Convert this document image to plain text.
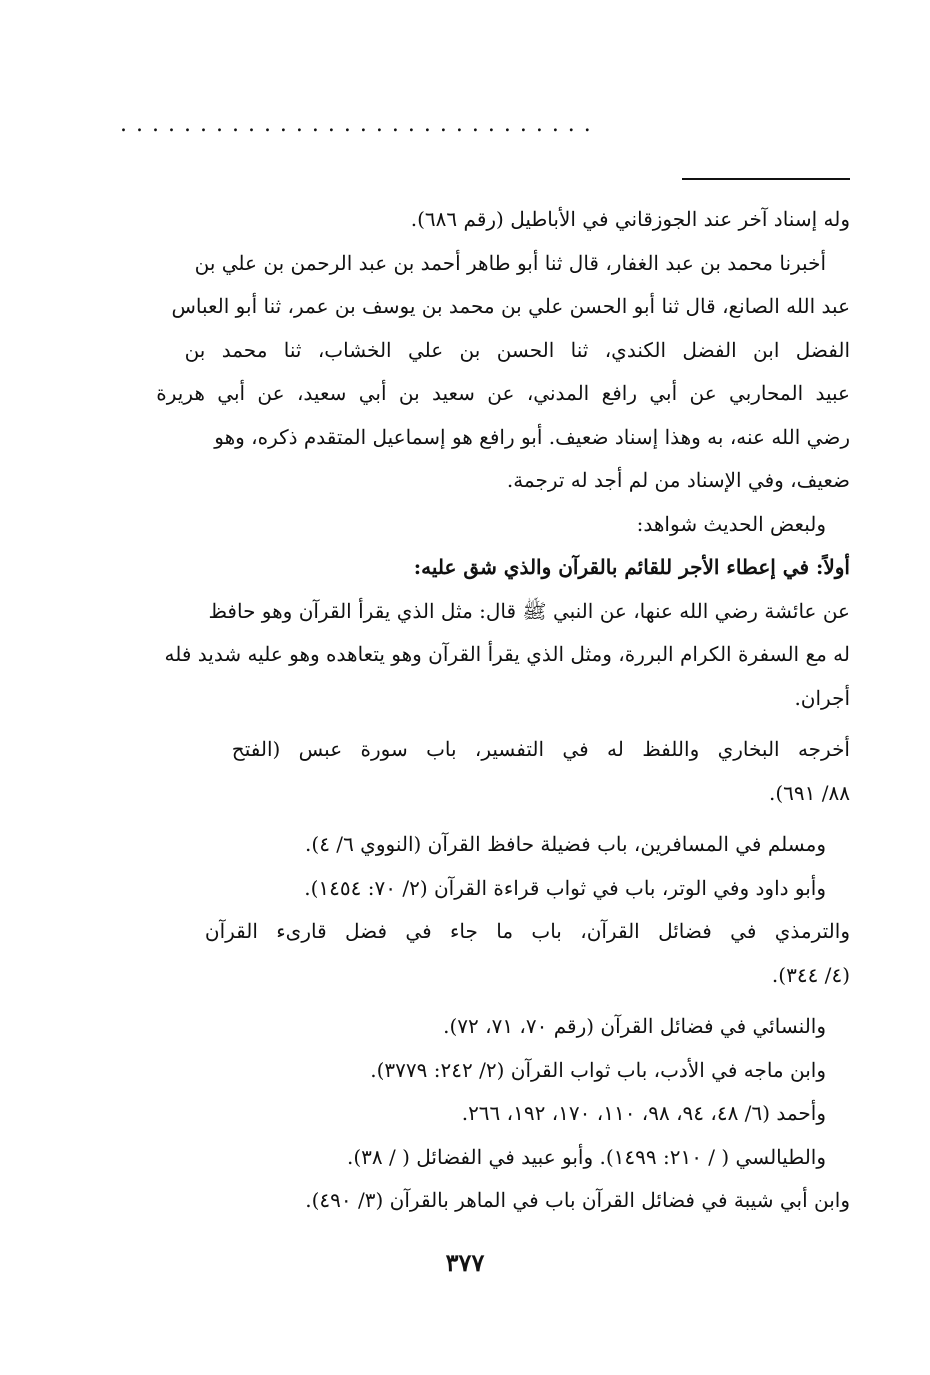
..............................
وله إسناد آخر عند الجوزقاني في الأباطيل (رقم ٦٨٦).
أخبرنا محمد بن عبد الغفار، قال ثنا أبو طاهر أحمد بن عبد الرحمن بن علي بن
عبد الله الصانع، قال ثنا أبو الحسن علي بن محمد بن يوسف بن عمر، ثنا أبو العباس
الفضل ابن الفضل الكندي، ثنا الحسن بن علي الخشاب، ثنا محمد بن
عبيد المحاربي عن أبي رافع المدني، عن سعيد بن أبي سعيد، عن أبي هريرة
رضي الله عنه، به وهذا إسناد ضعيف. أبو رافع هو إسماعيل المتقدم ذكره، وهو
ضعيف، وفي الإسناد من لم أجد له ترجمة.
ولبعض الحديث شواهد:
أولاً: في إعطاء الأجر للقائم بالقرآن والذي شق عليه:
عن عائشة رضي الله عنها، عن النبي ﷺ قال: مثل الذي يقرأ القرآن وهو حافظ
له مع السفرة الكرام البررة، ومثل الذي يقرأ القرآن وهو يتعاهده وهو عليه شديد فله
أجران.
أخرجه البخاري واللفظ له في التفسير، باب سورة عبس (الفتح
٨٨/ ٦٩١).
ومسلم في المسافرين، باب فضيلة حافظ القرآن (النووي ٦/ ٤).
وأبو داود وفي الوتر، باب في ثواب قراءة القرآن (٢/ ٧٠: ١٤٥٤).
والترمذي في فضائل القرآن، باب ما جاء في فضل قارىء القرآن
(٤/ ٣٤٤).
والنسائي في فضائل القرآن (رقم ٧٠، ٧١، ٧٢).
وابن ماجه في الأدب، باب ثواب القرآن (٢/ ٢٤٢: ٣٧٧٩).
وأحمد (٦/ ٤٨، ٩٤، ٩٨، ١١٠، ١٧٠، ١٩٢، ٢٦٦.
والطيالسي ( / ٢١٠: ١٤٩٩). وأبو عبيد في الفضائل ( / ٣٨).
وابن أبي شيبة في فضائل القرآن باب في الماهر بالقرآن (٣/ ٤٩٠).
٣٧٧
